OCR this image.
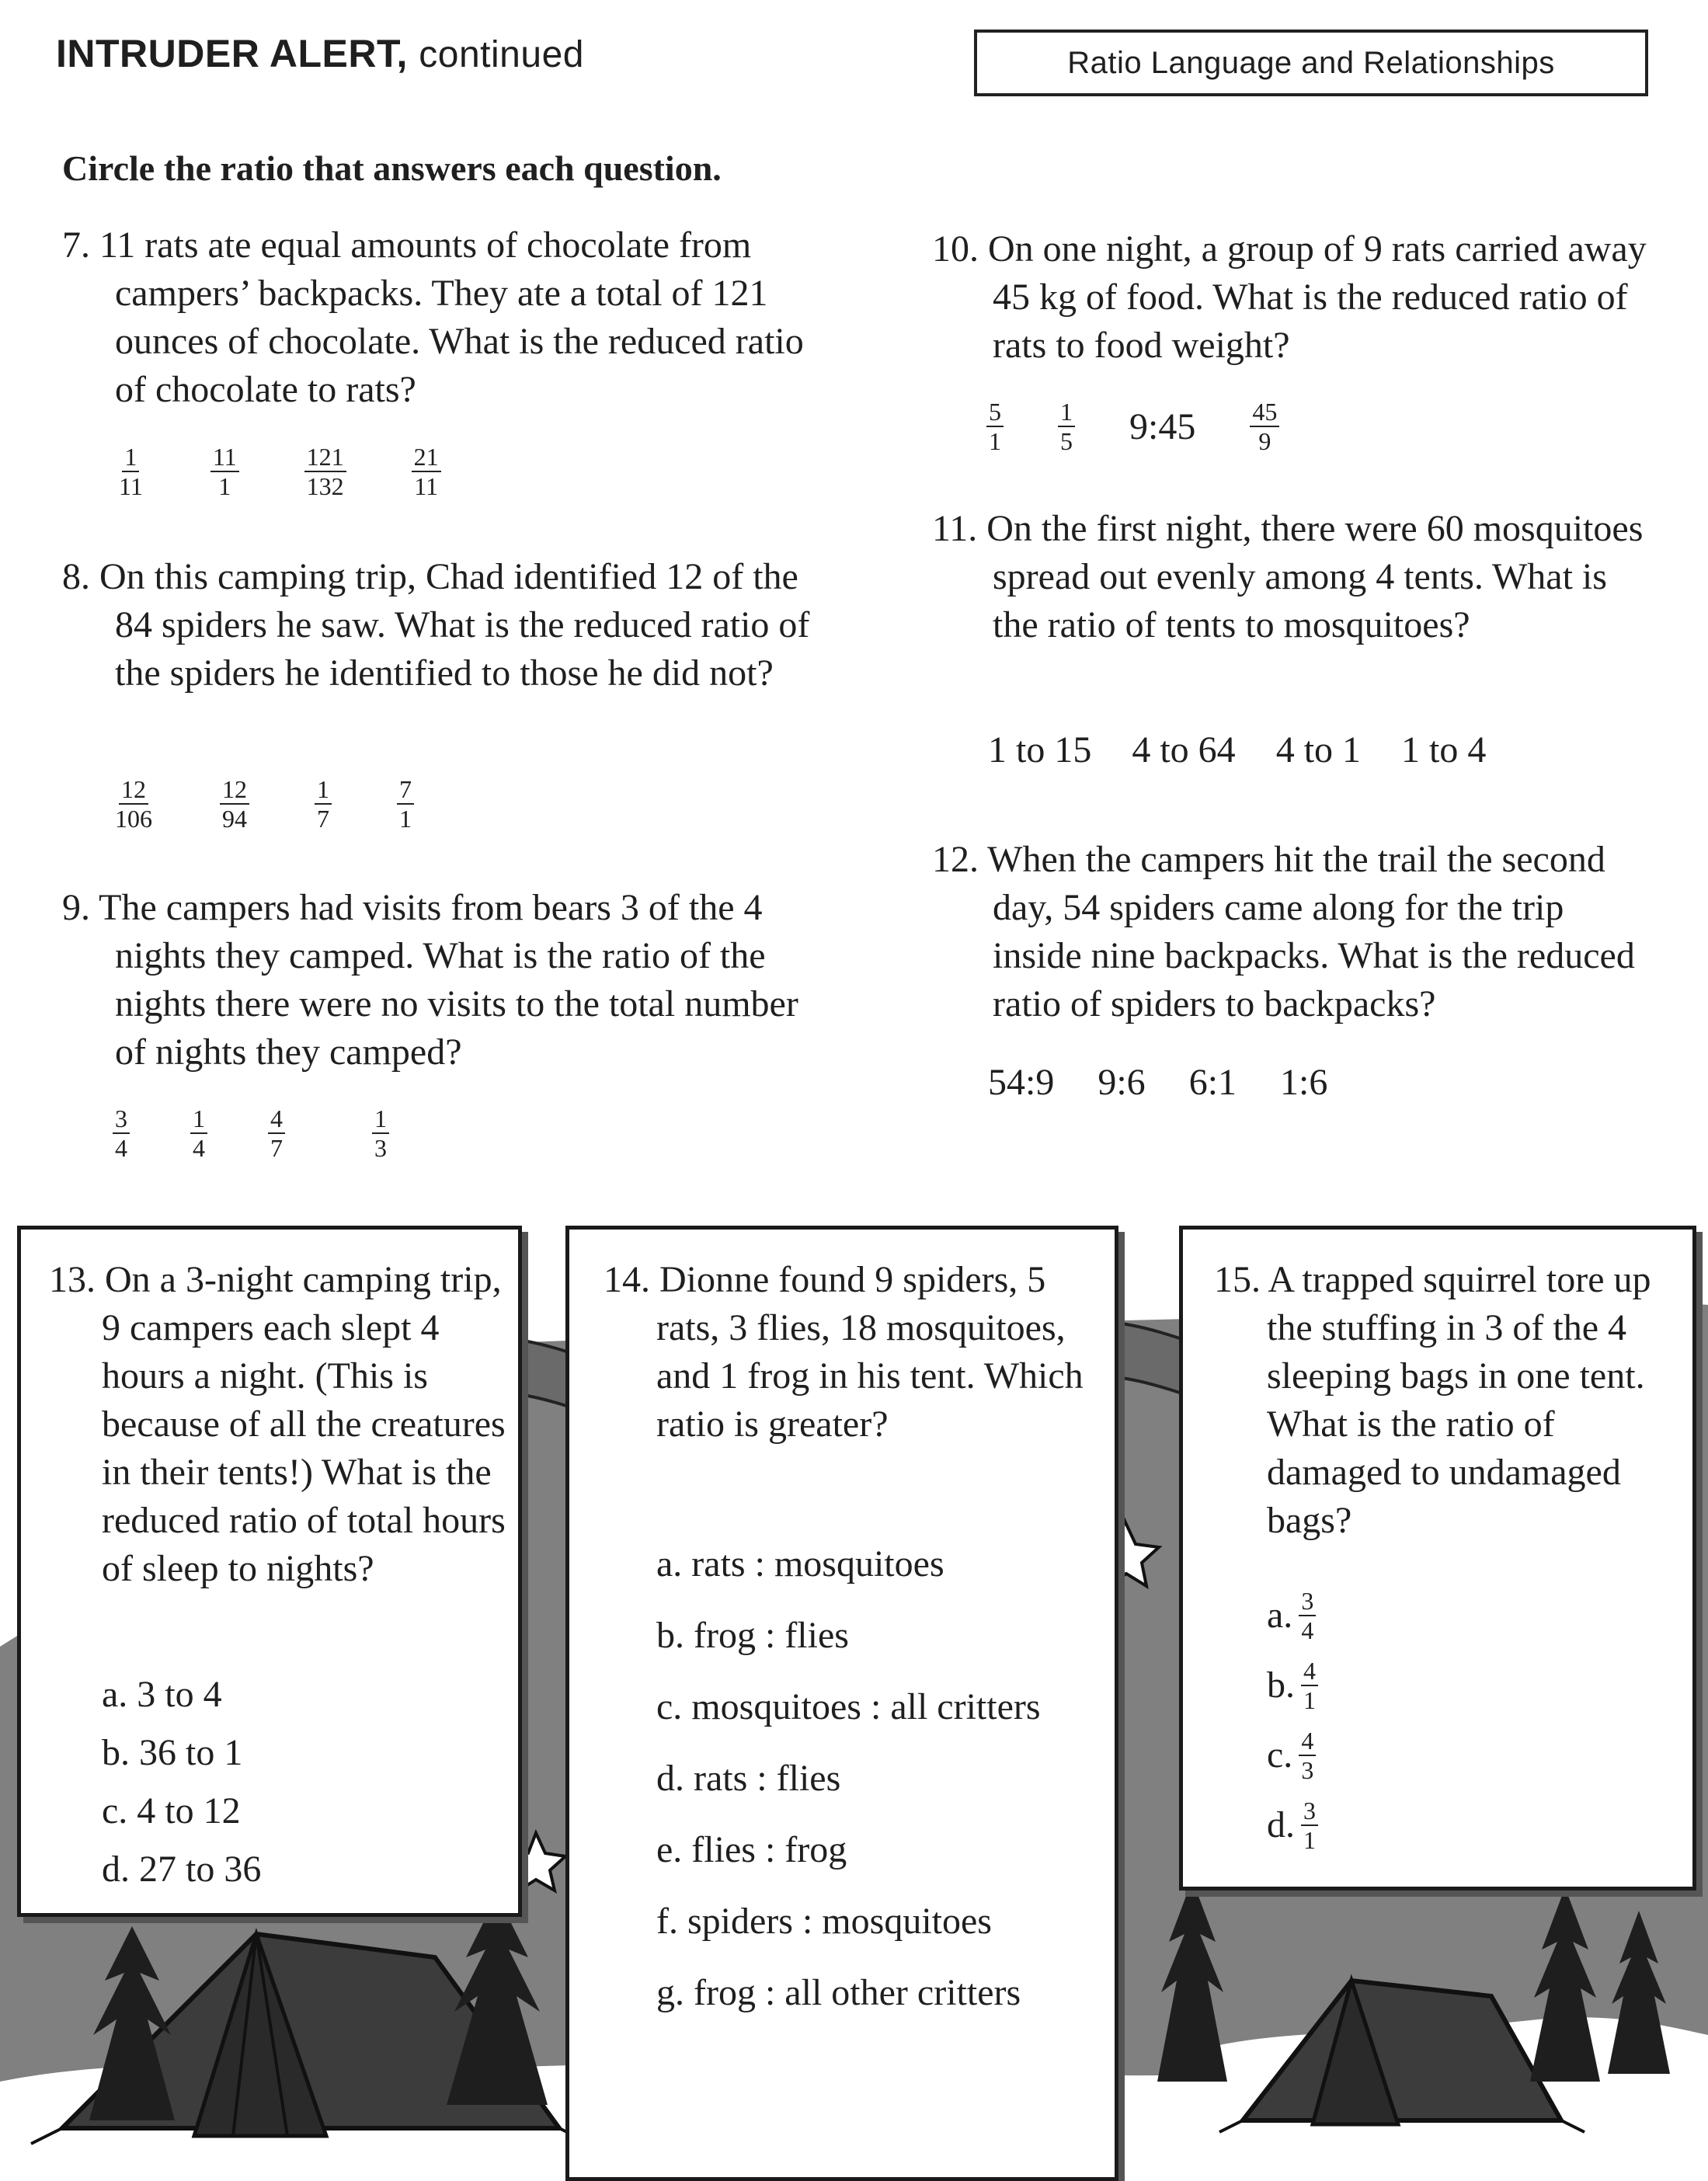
INTRUDER ALERT, continued	Ratio Language and Relationships
Circle the ratio that answers each question.
7. 11 rats ate equal amounts of chocolate from campers’ backpacks. They ate a total of 121 ounces of chocolate. What is the reduced ratio of chocolate to rats?
$\frac{1}{11}$	$\frac{11}{1}$	$\frac{121}{132}$	$\frac{21}{11}$
8. On this camping trip, Chad identified 12 of the 84 spiders he saw. What is the reduced ratio of the spiders he identified to those he did not?
$\frac{12}{106}$	$\frac{12}{94}$	$\frac{1}{7}$	$\frac{7}{1}$
9. The campers had visits from bears 3 of the 4 nights they camped. What is the ratio of the nights there were no visits to the total number of nights they camped?
$\frac{3}{4} \frac{1}{4} \frac{4}{7}$	$\frac{1}{3}$
10. On one night, a group of 9 rats carried away 45 kg of food. What is the reduced ratio of rats to food weight?
$\frac{5}{1} \frac{1}{5}$ 9:45 $\frac{45}{9}$
11. On the first night, there were 60 mosquitoes spread out evenly among 4 tents. What is the ratio of tents to mosquitoes?
1 to 15 4 to 64 4 to 1 1 to 4
12. When the campers hit the trail the second day, 54 spiders came along for the trip inside nine backpacks. What is the reduced ratio of spiders to backpacks?
54:9 9:6 6:1 1:6
13. On a 3-night camping trip, 9 campers each slept 4 hours a night. (This is because of all the creatures in their tents!) What is the reduced ratio of total hours of sleep to nights?
a. 3 to 4
b. 36 to 1
c. 4 to 12
d. 27 to 36
14. Dionne found 9 spiders, 5 rats, 3 flies, 18 mosquitoes, and 1 frog in his tent. Which ratio is greater?
a. rats : mosquitoes
b. frog : flies
c. mosquitoes : all critters
d. rats : flies
e. flies : frog
f. spiders : mosquitoes
g. frog : all other critters
15. A trapped squirrel tore up the stuffing in 3 of the 4 sleeping bags in one tent. What is the ratio of damaged to undamaged bags?
a. $\frac{3}{4}$
b. $\frac{4}{1}$
c. $\frac{4}{3}$
d. $\frac{3}{1}$
